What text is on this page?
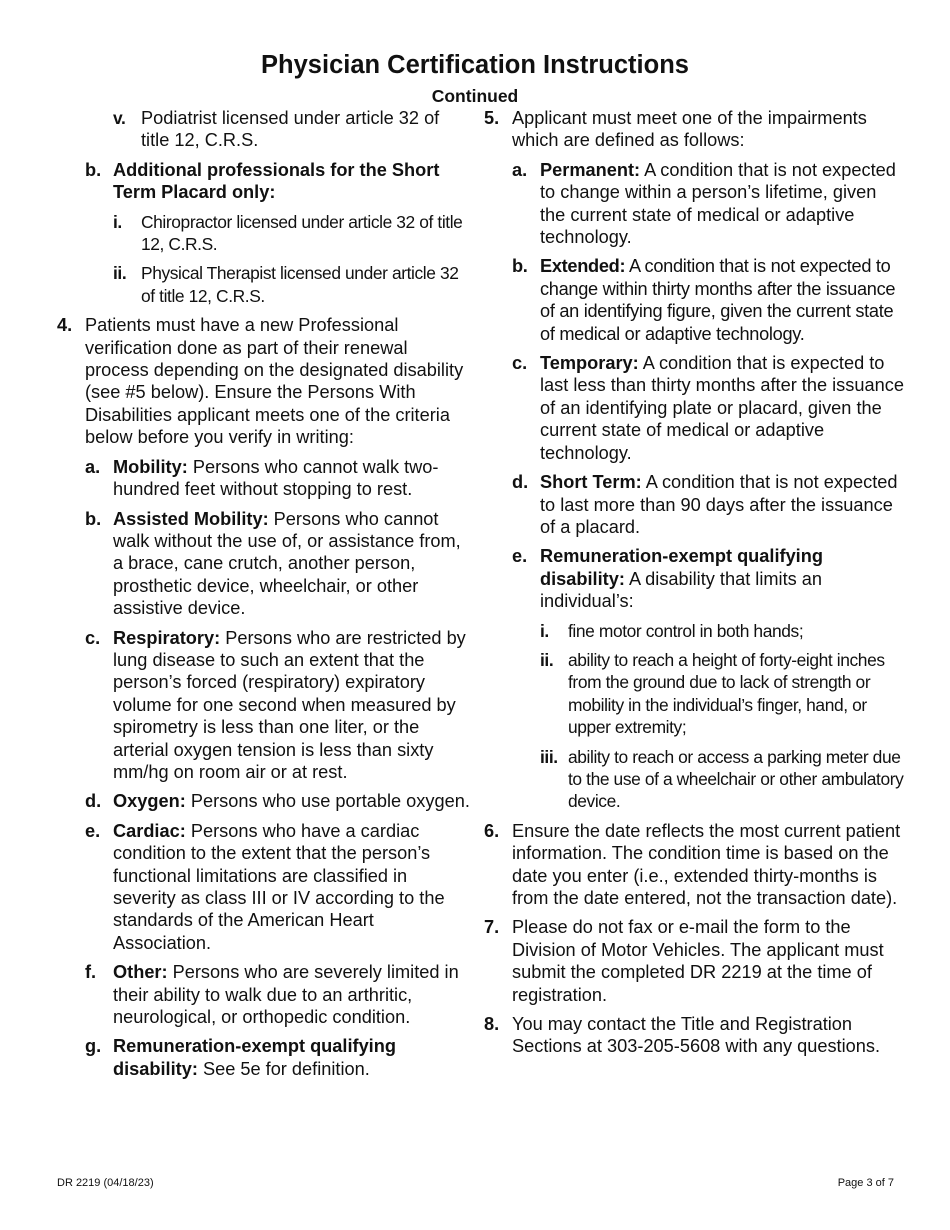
Physician Certification Instructions
Continued
v. Podiatrist licensed under article 32 of title 12, C.R.S.
b. Additional professionals for the Short Term Placard only:
i. Chiropractor licensed under article 32 of title 12, C.R.S.
ii. Physical Therapist licensed under article 32 of title 12, C.R.S.
4. Patients must have a new Professional verification done as part of their renewal process depending on the designated disability (see #5 below). Ensure the Persons With Disabilities applicant meets one of the criteria below before you verify in writing:
a. Mobility: Persons who cannot walk two-hundred feet without stopping to rest.
b. Assisted Mobility: Persons who cannot walk without the use of, or assistance from, a brace, cane crutch, another person, prosthetic device, wheelchair, or other assistive device.
c. Respiratory: Persons who are restricted by lung disease to such an extent that the person’s forced (respiratory) expiratory volume for one second when measured by spirometry is less than one liter, or the arterial oxygen tension is less than sixty mm/hg on room air or at rest.
d. Oxygen: Persons who use portable oxygen.
e. Cardiac: Persons who have a cardiac condition to the extent that the person’s functional limitations are classified in severity as class III or IV according to the standards of the American Heart Association.
f. Other: Persons who are severely limited in their ability to walk due to an arthritic, neurological, or orthopedic condition.
g. Remuneration-exempt qualifying disability: See 5e for definition.
5. Applicant must meet one of the impairments which are defined as follows:
a. Permanent: A condition that is not expected to change within a person’s lifetime, given the current state of medical or adaptive technology.
b. Extended: A condition that is not expected to change within thirty months after the issuance of an identifying figure, given the current state of medical or adaptive technology.
c. Temporary: A condition that is expected to last less than thirty months after the issuance of an identifying plate or placard, given the current state of medical or adaptive technology.
d. Short Term: A condition that is not expected to last more than 90 days after the issuance of a placard.
e. Remuneration-exempt qualifying disability: A disability that limits an individual’s:
i. fine motor control in both hands;
ii. ability to reach a height of forty-eight inches from the ground due to lack of strength or mobility in the individual’s finger, hand, or upper extremity;
iii. ability to reach or access a parking meter due to the use of a wheelchair or other ambulatory device.
6. Ensure the date reflects the most current patient information. The condition time is based on the date you enter (i.e., extended thirty-months is from the date entered, not the transaction date).
7. Please do not fax or e-mail the form to the Division of Motor Vehicles. The applicant must submit the completed DR 2219 at the time of registration.
8. You may contact the Title and Registration Sections at 303-205-5608 with any questions.
DR 2219 (04/18/23)	Page 3 of 7
